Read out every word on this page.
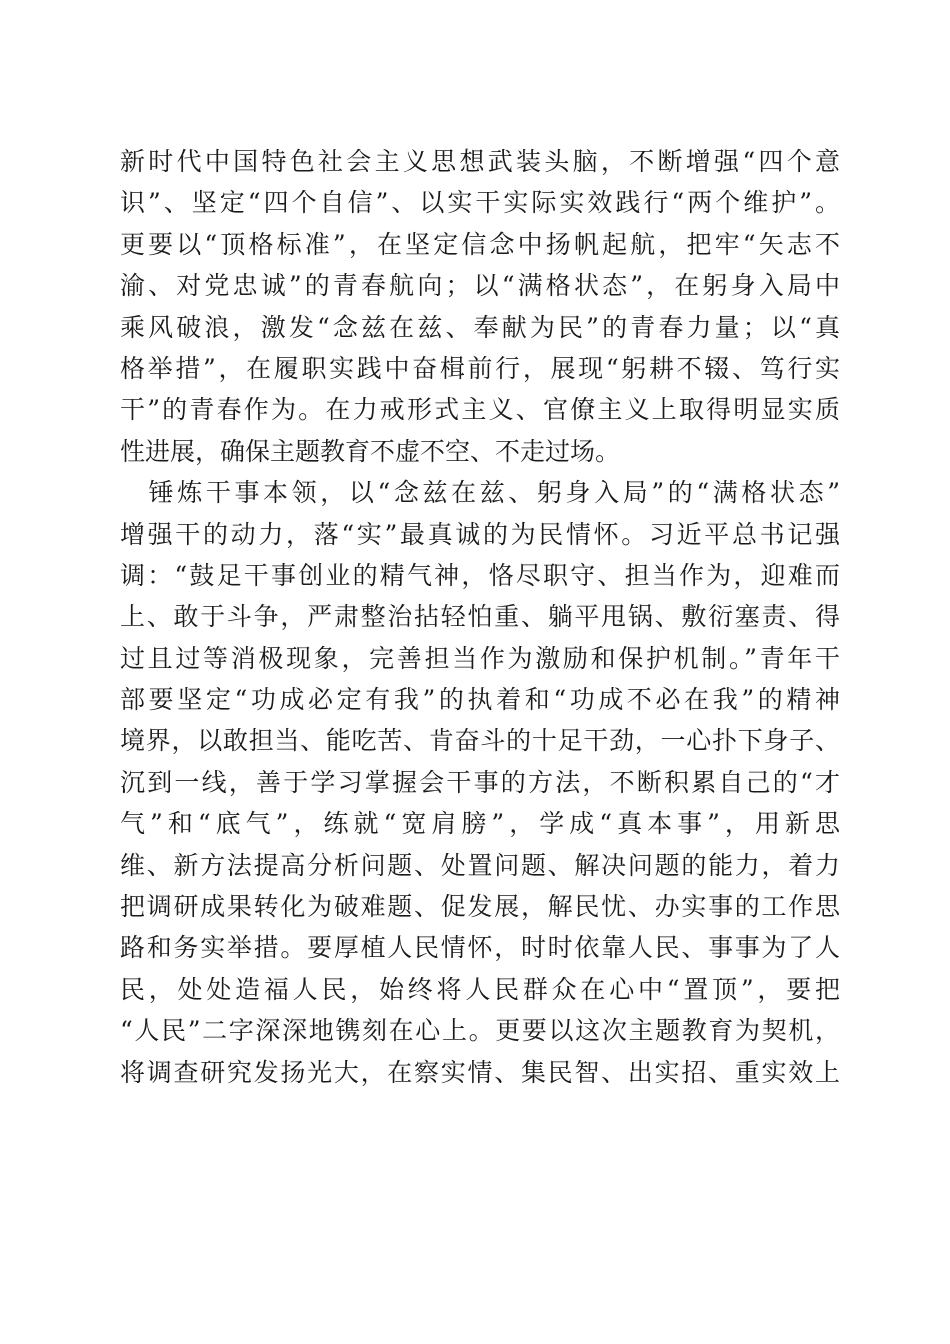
新时代中国特色社会主义思想武装头脑，不断增强“四个意
识”、坚定“四个自信”、以实干实际实效践行“两个维护”。
更要以“顶格标准”，在坚定信念中扬帆起航，把牢“矢志不
渝、对党忠诚”的青春航向；以“满格状态”，在躬身入局中
乘风破浪，激发“念兹在兹、奉献为民”的青春力量；以“真
格举措”，在履职实践中奋楫前行，展现“躬耕不辍、笃行实
干”的青春作为。在力戒形式主义、官僚主义上取得明显实质
性进展，确保主题教育不虚不空、不走过场。
　锤炼干事本领，以“念兹在兹、躬身入局”的“满格状态”
增强干的动力，落“实”最真诚的为民情怀。习近平总书记强
调：“鼓足干事创业的精气神，恪尽职守、担当作为，迎难而
上、敢于斗争，严肃整治拈轻怕重、躺平甩锅、敷衍塞责、得
过且过等消极现象，完善担当作为激励和保护机制。”青年干
部要坚定“功成必定有我”的执着和“功成不必在我”的精神
境界，以敢担当、能吃苦、肯奋斗的十足干劲，一心扑下身子、
沉到一线，善于学习掌握会干事的方法，不断积累自己的“才
气”和“底气”，练就“宽肩膀”，学成“真本事”，用新思
维、新方法提高分析问题、处置问题、解决问题的能力，着力
把调研成果转化为破难题、促发展，解民忧、办实事的工作思
路和务实举措。要厚植人民情怀，时时依靠人民、事事为了人
民，处处造福人民，始终将人民群众在心中“置顶”，要把
“人民”二字深深地镌刻在心上。更要以这次主题教育为契机，
将调查研究发扬光大，在察实情、集民智、出实招、重实效上
